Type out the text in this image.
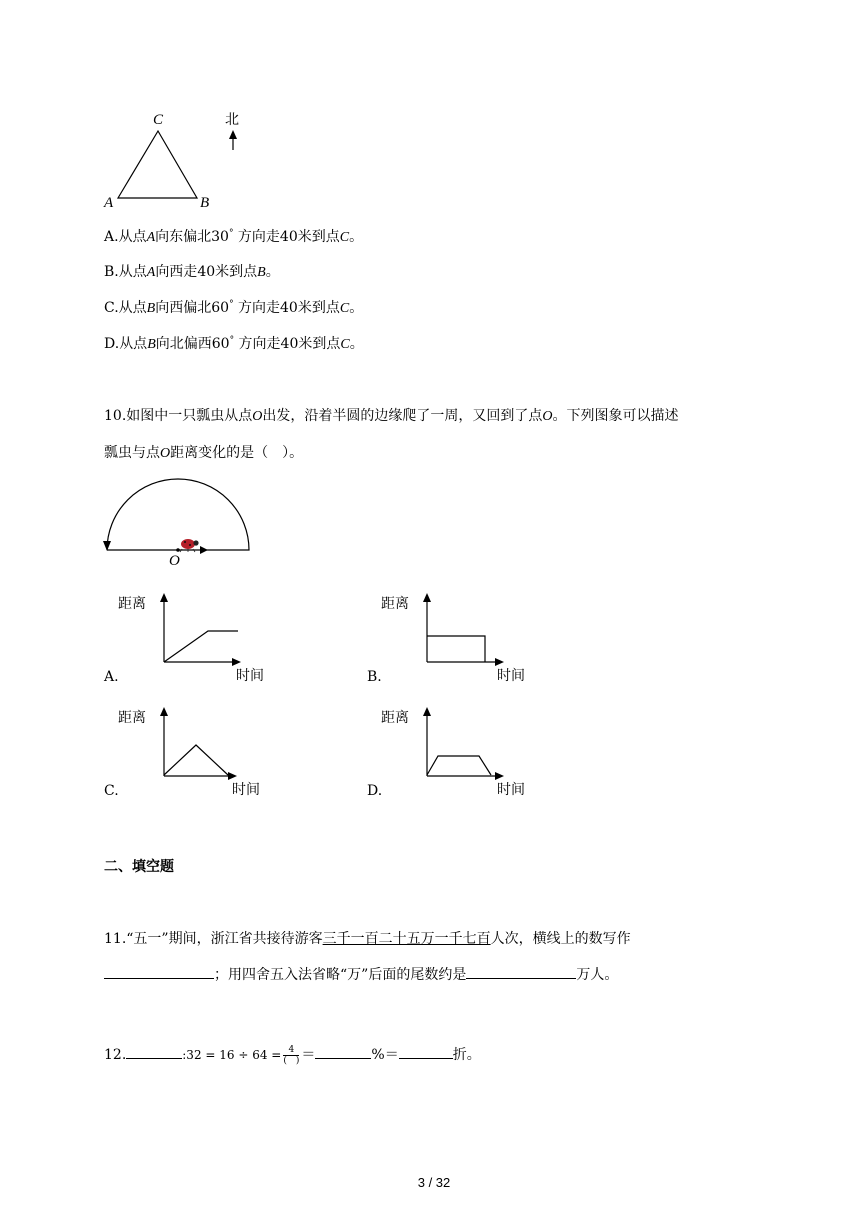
C
A	B
北
A.从点A向东偏北30° 方向走40米到点C。
B.从点A向西走40米到点B。
C.从点B向西偏北60° 方向走40米到点C。
D.从点B向北偏西60° 方向走40米到点C。
10.如图中一只瓢虫从点O出发，沿着半圆的边缘爬了一周，又回到了点O。下列图象可以描述
瓢虫与点O距离变化的是（　）。
O
距离
时间
A.
距离
时间
B.
距离
时间
C.
距离
时间
D.
二、填空题
11.“五一”期间，浙江省共接待游客三千一百二十五万一千七百人次，横线上的数写作
；用四舍五入法省略“万”后面的尾数约是	万人。
12.	:32 = $16 \div 64 = \frac{4}{( )}$ ＝	%＝	折。
3 / 32
